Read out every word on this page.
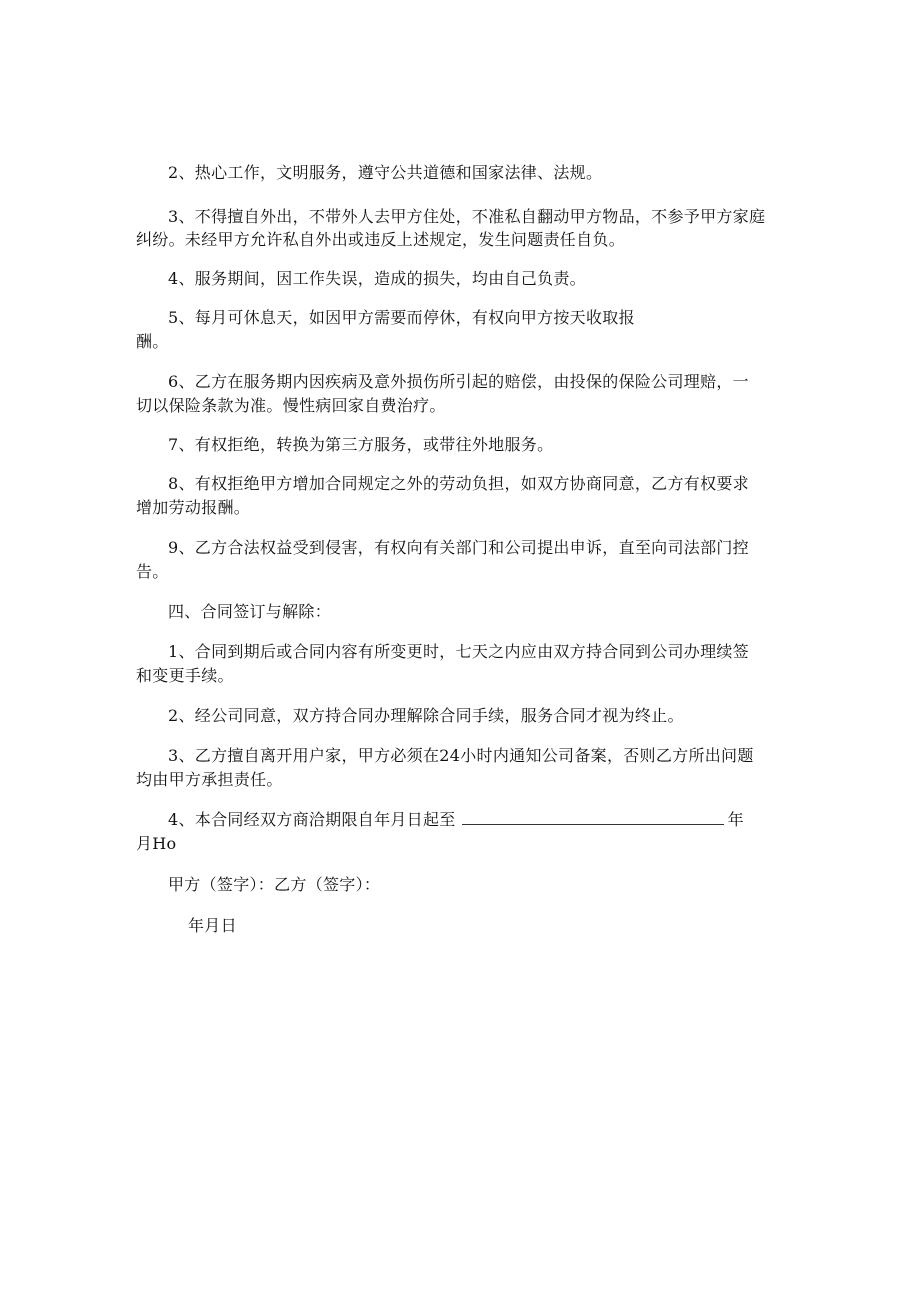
2、热心工作，文明服务，遵守公共道德和国家法律、法规。
3、不得擅自外出，不带外人去甲方住处，不准私自翻动甲方物品，不参予甲方家庭
纠纷。未经甲方允许私自外出或违反上述规定，发生问题责任自负。
4、服务期间，因工作失误，造成的损失，均由自己负责。
5、每月可休息天，如因甲方需要而停休，有权向甲方按天收取报
酬。
6、乙方在服务期内因疾病及意外损伤所引起的赔偿，由投保的保险公司理赔，一
切以保险条款为准。慢性病回家自费治疗。
7、有权拒绝，转换为第三方服务，或带往外地服务。
8、有权拒绝甲方增加合同规定之外的劳动负担，如双方协商同意，乙方有权要求
增加劳动报酬。
9、乙方合法权益受到侵害，有权向有关部门和公司提出申诉，直至向司法部门控
告。
四、合同签订与解除：
1、合同到期后或合同内容有所变更时，七天之内应由双方持合同到公司办理续签
和变更手续。
2、经公司同意，双方持合同办理解除合同手续，服务合同才视为终止。
3、乙方擅自离开用户家，甲方必须在24小时内通知公司备案，否则乙方所出问题
均由甲方承担责任。
4、本合同经双方商洽期限自年月日起至	年
月Ho
甲方（签字）：乙方（签字）：
年月日
